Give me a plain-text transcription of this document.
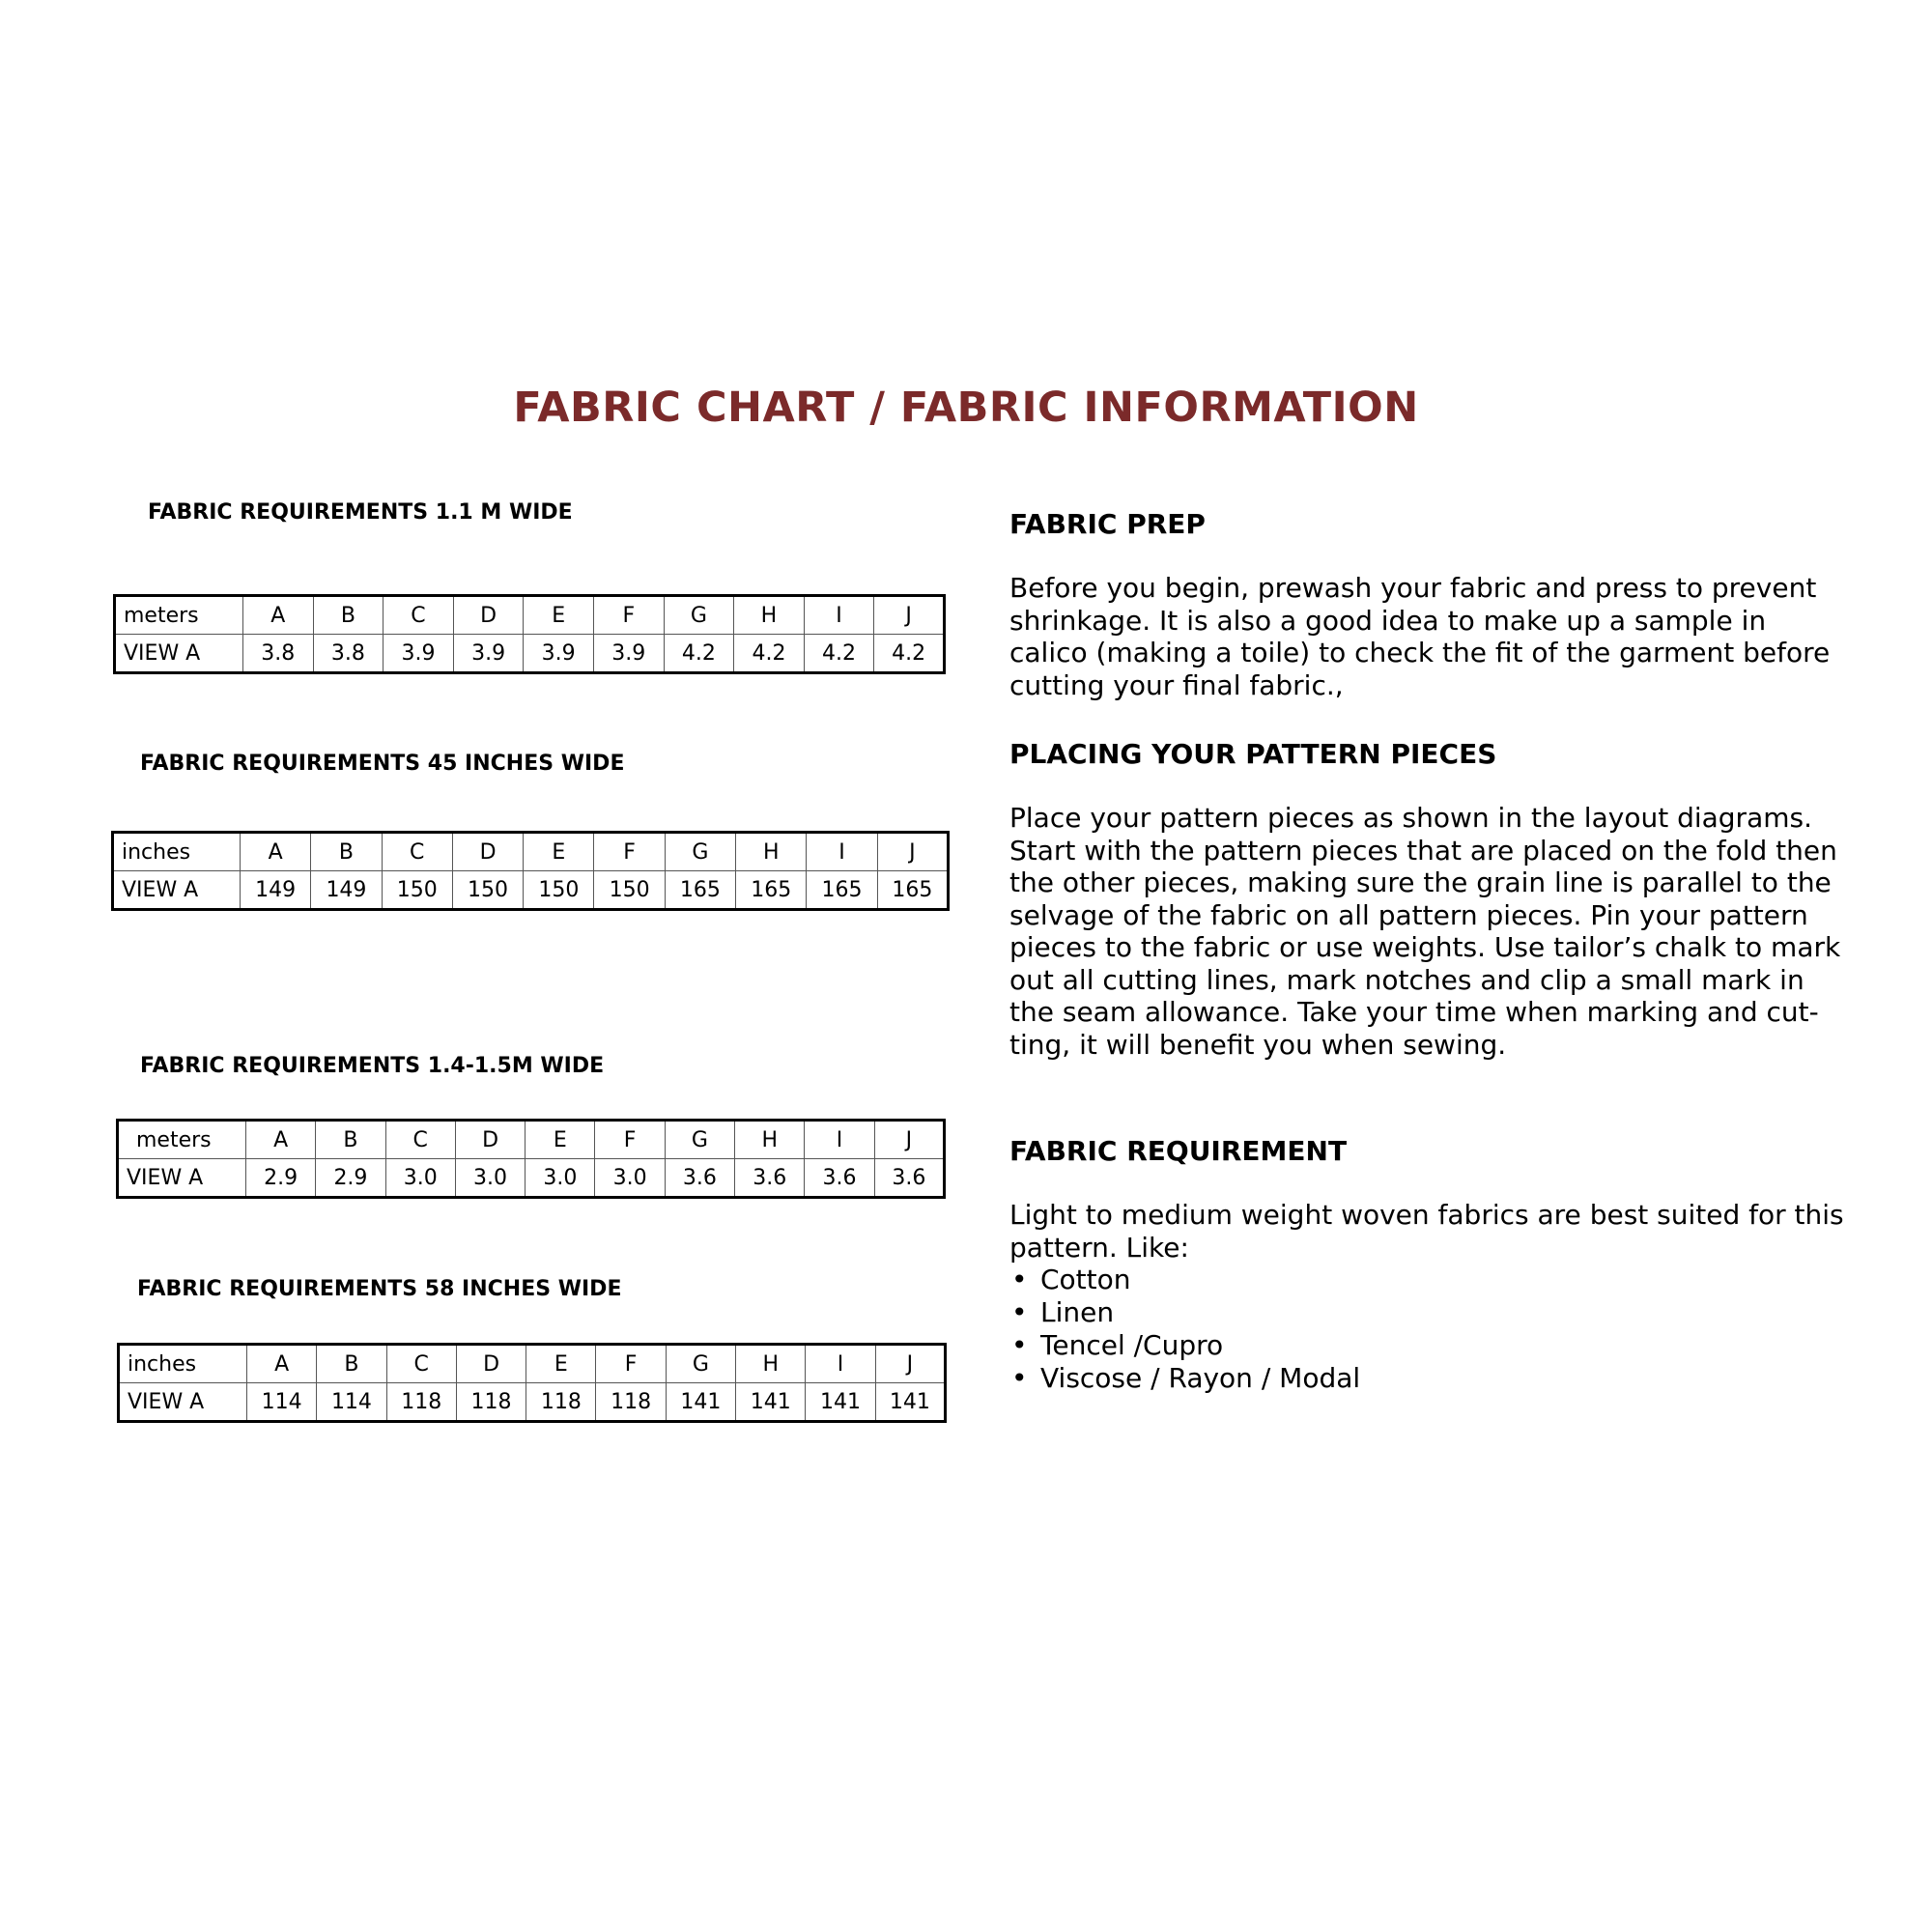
FABRIC CHART / FABRIC INFORMATION
FABRIC REQUIREMENTS 1.1 M WIDE
meters	A	B	C	D	E	F	G	H	I	J
VIEW A	3.8	3.8	3.9	3.9	3.9	3.9	4.2	4.2	4.2	4.2
FABRIC REQUIREMENTS 45 INCHES WIDE
inches	A	B	C	D	E	F	G	H	I	J
VIEW A	149	149	150	150	150	150	165	165	165	165
FABRIC REQUIREMENTS 1.4-1.5M WIDE
meters	A	B	C	D	E	F	G	H	I	J
VIEW A	2.9	2.9	3.0	3.0	3.0	3.0	3.6	3.6	3.6	3.6
FABRIC REQUIREMENTS 58 INCHES WIDE
inches	A	B	C	D	E	F	G	H	I	J
VIEW A	114	114	118	118	118	118	141	141	141	141
FABRIC PREP
Before you begin, prewash your fabric and press to prevent
shrinkage. It is also a good idea to make up a sample in
calico (making a toile) to check the fit of the garment before
cutting your final fabric.,
PLACING YOUR PATTERN PIECES
Place your pattern pieces as shown in the layout diagrams.
Start with the pattern pieces that are placed on the fold then
the other pieces, making sure the grain line is parallel to the
selvage of the fabric on all pattern pieces. Pin your pattern
pieces to the fabric or use weights. Use tailor’s chalk to mark
out all cutting lines, mark notches and clip a small mark in
the seam allowance. Take your time when marking and cut-
ting, it will benefit you when sewing.
FABRIC REQUIREMENT
Light to medium weight woven fabrics are best suited for this
pattern. Like:
• Cotton
• Linen
• Tencel /Cupro
• Viscose / Rayon / Modal
